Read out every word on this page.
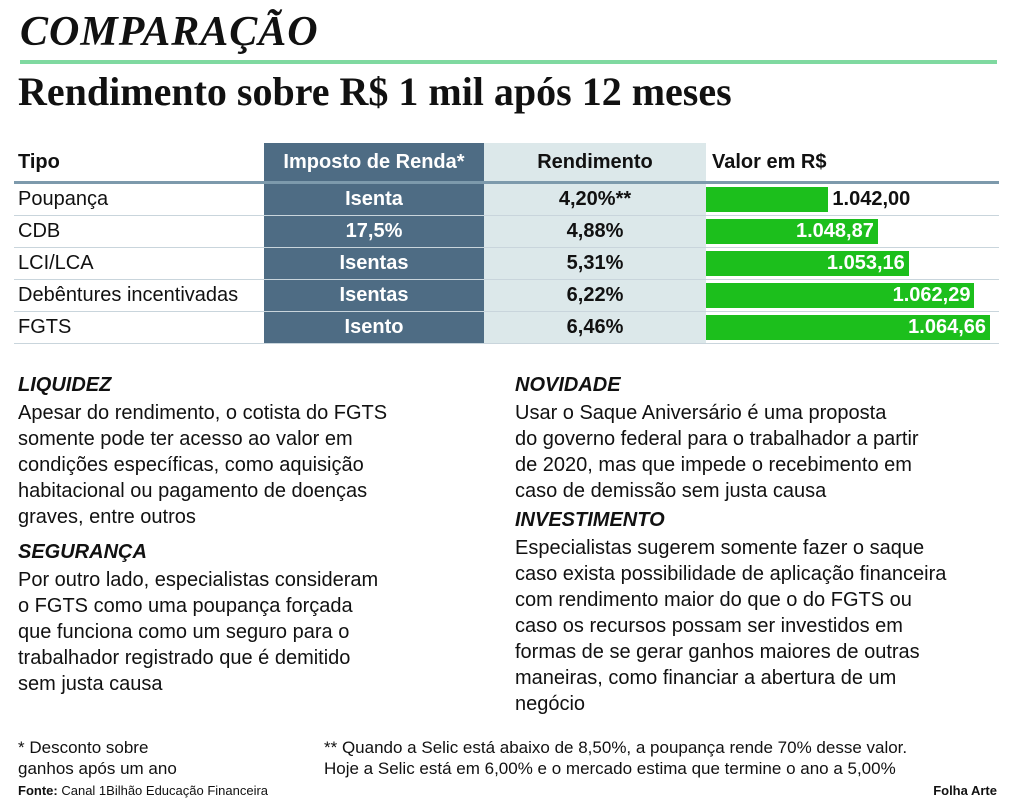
COMPARAÇÃO
Rendimento sobre R$ 1 mil após 12 meses
Tipo	Imposto de Renda*	Rendimento	Valor em R$
Poupança	Isenta	4,20%**	1.042,00

CDB	17,5%	4,88%	1.048,87

LCI/LCA	Isentas	5,31%	1.053,16

Debêntures incentivadas	Isentas	6,22%	1.062,29

FGTS	Isento	6,46%	1.064,66
LIQUIDEZ

Apesar do rendimento, o cotista do FGTS

somente pode ter acesso ao valor em

condições específicas, como aquisição

habitacional ou pagamento de doenças

graves, entre outros

SEGURANÇA

Por outro lado, especialistas consideram

o FGTS como uma poupança forçada

que funciona como um seguro para o

trabalhador registrado que é demitido

sem justa causa

NOVIDADE

Usar o Saque Aniversário é uma proposta

do governo federal para o trabalhador a partir

de 2020, mas que impede o recebimento em

caso de demissão sem justa causa

INVESTIMENTO

Especialistas sugerem somente fazer o saque

caso exista possibilidade de aplicação financeira

com rendimento maior do que o do FGTS ou

caso os recursos possam ser investidos em

formas de se gerar ganhos maiores de outras

maneiras, como financiar a abertura de um

negócio

* Desconto sobre
ganhos após um ano
** Quando a Selic está abaixo de 8,50%, a poupança rende 70% desse valor.
Hoje a Selic está em 6,00% e o mercado estima que termine o ano a 5,00%
Fonte: Canal 1Bilhão Educação Financeira	Folha Arte
